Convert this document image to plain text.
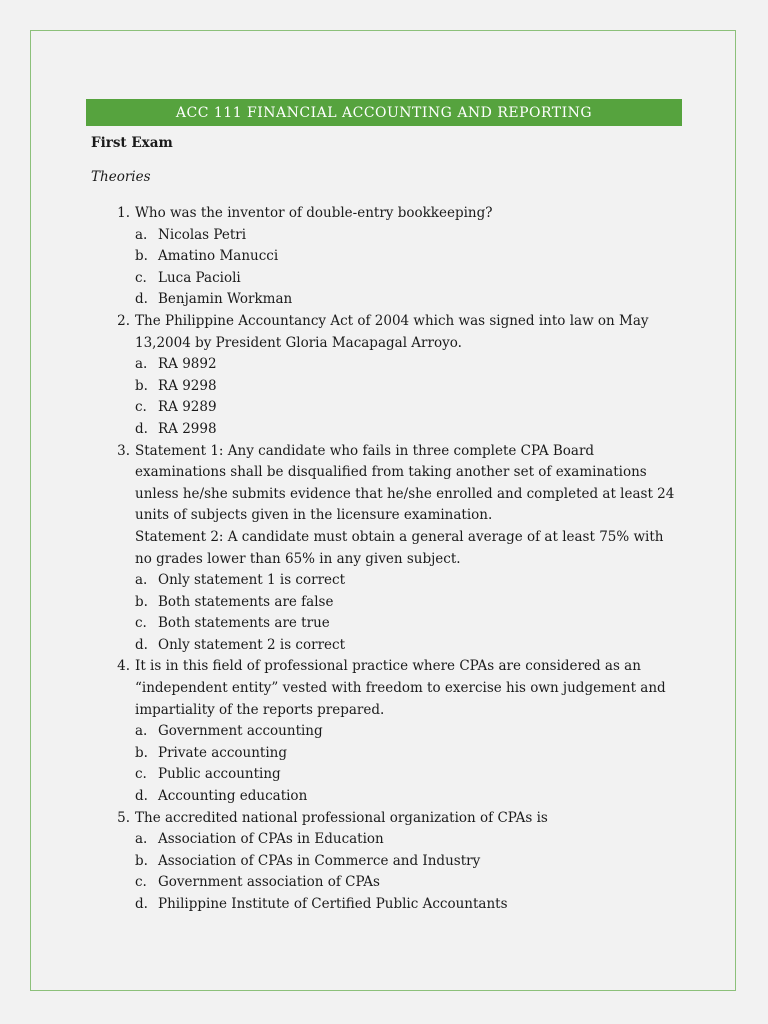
ACC 111 FINANCIAL ACCOUNTING AND REPORTING
First Exam
Theories
1. Who was the inventor of double-entry bookkeeping?
a. Nicolas Petri
b. Amatino Manucci
c. Luca Pacioli
d. Benjamin Workman
2. The Philippine Accountancy Act of 2004 which was signed into law on May 13,2004 by President Gloria Macapagal Arroyo.
a. RA 9892
b. RA 9298
c. RA 9289
d. RA 2998
3. Statement 1: Any candidate who fails in three complete CPA Board examinations shall be disqualified from taking another set of examinations unless he/she submits evidence that he/she enrolled and completed at least 24 units of subjects given in the licensure examination.
Statement 2: A candidate must obtain a general average of at least 75% with no grades lower than 65% in any given subject.
a. Only statement 1 is correct
b. Both statements are false
c. Both statements are true
d. Only statement 2 is correct
4. It is in this field of professional practice where CPAs are considered as an “independent entity” vested with freedom to exercise his own judgement and impartiality of the reports prepared.
a. Government accounting
b. Private accounting
c. Public accounting
d. Accounting education
5. The accredited national professional organization of CPAs is
a. Association of CPAs in Education
b. Association of CPAs in Commerce and Industry
c. Government association of CPAs
d. Philippine Institute of Certified Public Accountants
